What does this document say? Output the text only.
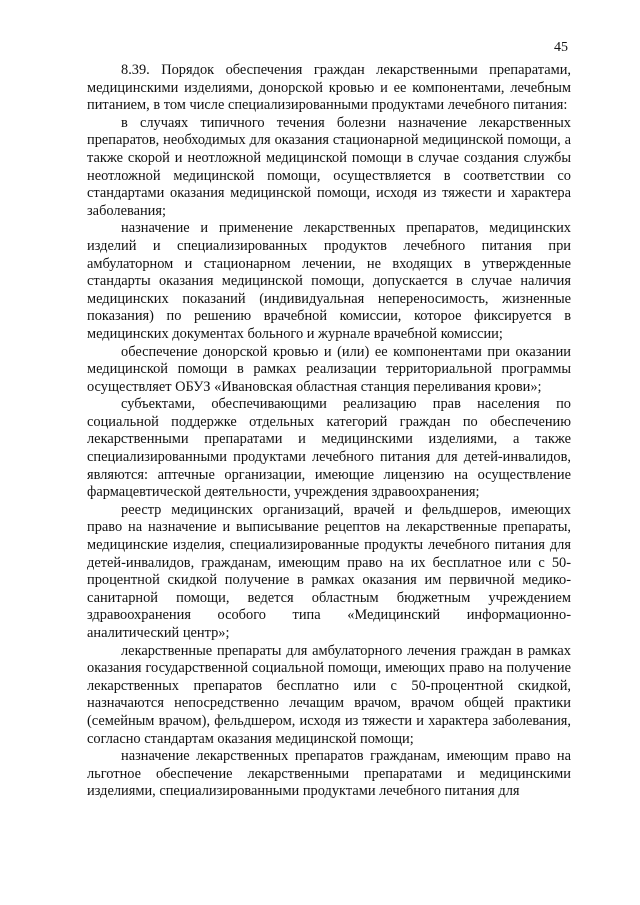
45

8.39. Порядок обеспечения граждан лекарственными препаратами, медицинскими изделиями, донорской кровью и ее компонентами, лечебным питанием, в том числе специализированными продуктами лечебного питания:

в случаях типичного течения болезни назначение лекарственных препаратов, необходимых для оказания стационарной медицинской помощи, а также скорой и неотложной медицинской помощи в случае создания службы неотложной медицинской помощи, осуществляется в соответствии со стандартами оказания медицинской помощи, исходя из тяжести и характера заболевания;

назначение и применение лекарственных препаратов, медицинских изделий и специализированных продуктов лечебного питания при амбулаторном и стационарном лечении, не входящих в утвержденные стандарты оказания медицинской помощи, допускается в случае наличия медицинских показаний (индивидуальная непереносимость, жизненные показания) по решению врачебной комиссии, которое фиксируется в медицинских документах больного и журнале врачебной комиссии;

обеспечение донорской кровью и (или) ее компонентами при оказании медицинской помощи в рамках реализации территориальной программы осуществляет ОБУЗ «Ивановская областная станция переливания крови»;

субъектами, обеспечивающими реализацию прав населения по социальной поддержке отдельных категорий граждан по обеспечению лекарственными препаратами и медицинскими изделиями, а также специализированными продуктами лечебного питания для детей-инвалидов, являются: аптечные организации, имеющие лицензию на осуществление фармацевтической деятельности, учреждения здравоохранения;

реестр медицинских организаций, врачей и фельдшеров, имеющих право на назначение и выписывание рецептов на лекарственные препараты, медицинские изделия, специализированные продукты лечебного питания для детей-инвалидов, гражданам, имеющим право на их бесплатное или с 50-процентной скидкой получение в рамках оказания им первичной медико-санитарной помощи, ведется областным бюджетным учреждением здравоохранения особого типа «Медицинский информационно-аналитический центр»;

лекарственные препараты для амбулаторного лечения граждан в рамках оказания государственной социальной помощи, имеющих право на получение лекарственных препаратов бесплатно или с 50-процентной скидкой, назначаются непосредственно лечащим врачом, врачом общей практики (семейным врачом), фельдшером, исходя из тяжести и характера заболевания, согласно стандартам оказания медицинской помощи;

назначение лекарственных препаратов гражданам, имеющим право на льготное обеспечение лекарственными препаратами и медицинскими изделиями, специализированными продуктами лечебного питания для
